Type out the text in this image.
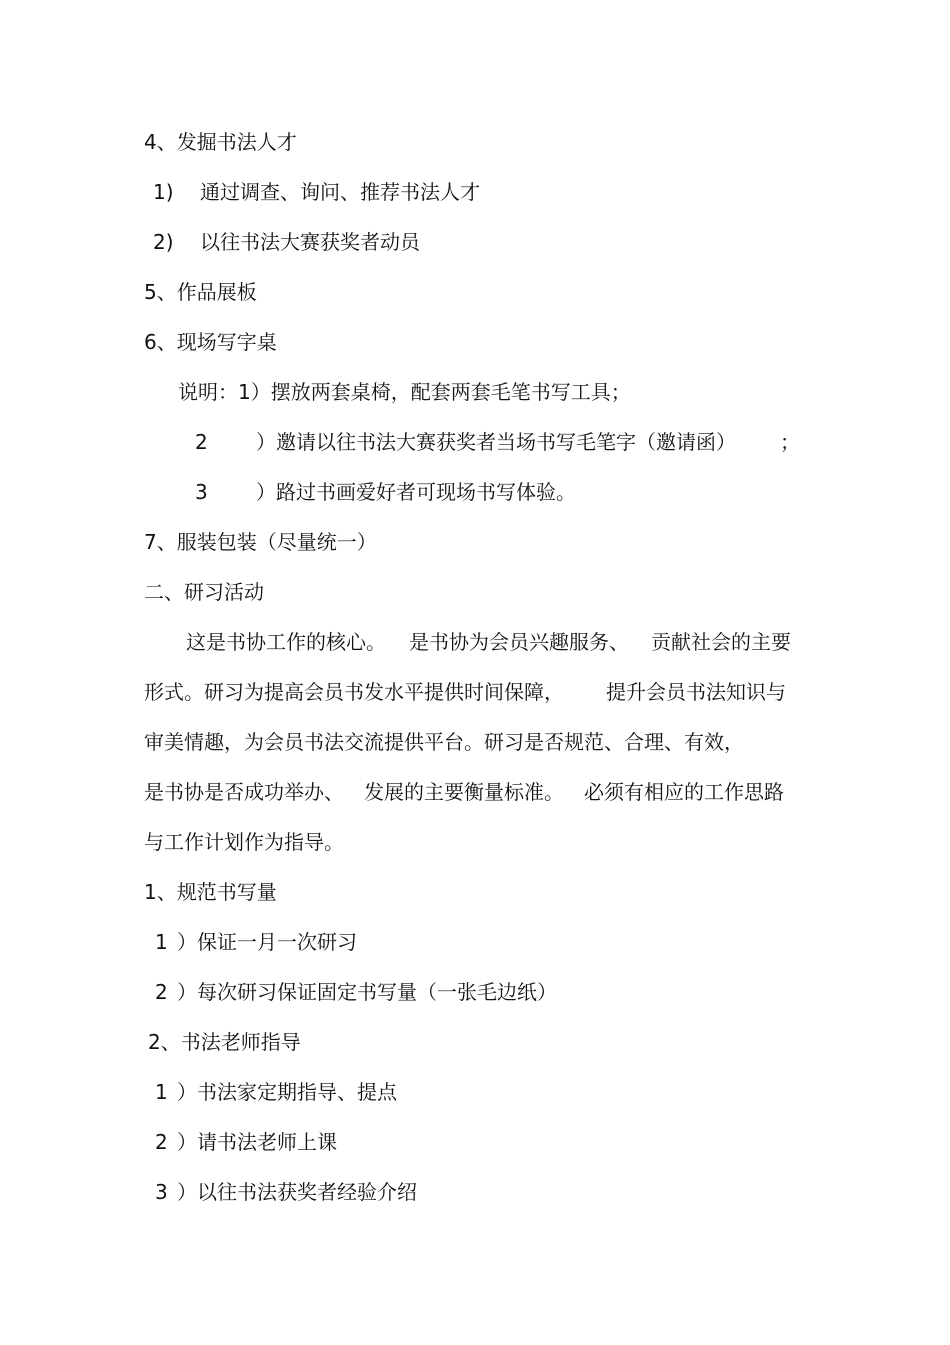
4、发掘书法人才
1) 通过调查、询问、推荐书法人才
2) 以往书法大赛获奖者动员
5、作品展板
6、现场写字桌
说明：1）摆放两套桌椅，配套两套毛笔书写工具；
2 ）邀请以往书法大赛获奖者当场书写毛笔字（邀请函） ；
3 ）路过书画爱好者可现场书写体验。
7、服装包装（尽量统一）
二、研习活动
这是书协工作的核心。 是书协为会员兴趣服务、 贡献社会的主要
形式。研习为提高会员书发水平提供时间保障， 提升会员书法知识与
审美情趣，为会员书法交流提供平台。研习是否规范、合理、有效，
是书协是否成功举办、 发展的主要衡量标准。 必须有相应的工作思路
与工作计划作为指导。
1、规范书写量
1 ）保证一月一次研习
2 ）每次研习保证固定书写量（一张毛边纸）
2、书法老师指导
1 ）书法家定期指导、提点
2 ）请书法老师上课
3 ）以往书法获奖者经验介绍
